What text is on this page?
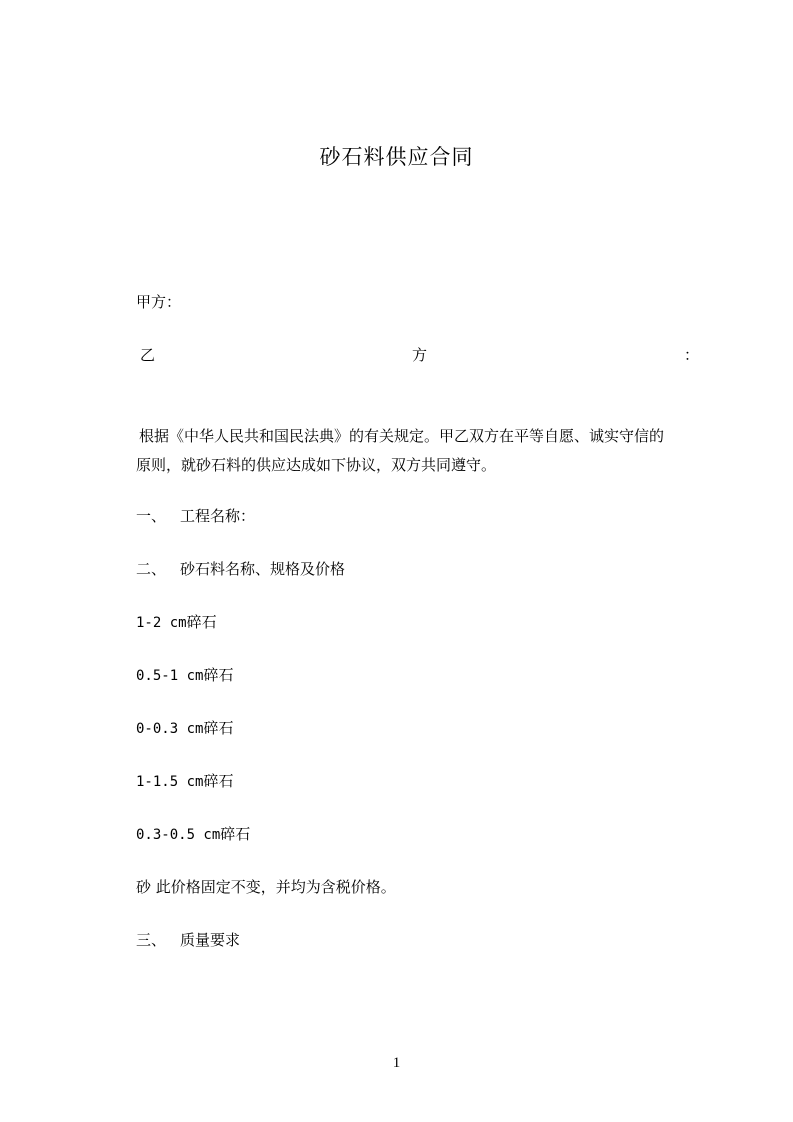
砂石料供应合同
甲方：
乙	方	：
根据《中华人民共和国民法典》的有关规定。甲乙双方在平等自愿、诚实守信的
原则，就砂石料的供应达成如下协议，双方共同遵守。
一、 工程名称：
二、 砂石料名称、规格及价格
1-2 cm碎石
0.5-1 cm碎石
0-0.3 cm碎石
1-1.5 cm碎石
0.3-0.5 cm碎石
砂 此价格固定不变，并均为含税价格。
三、 质量要求
1
